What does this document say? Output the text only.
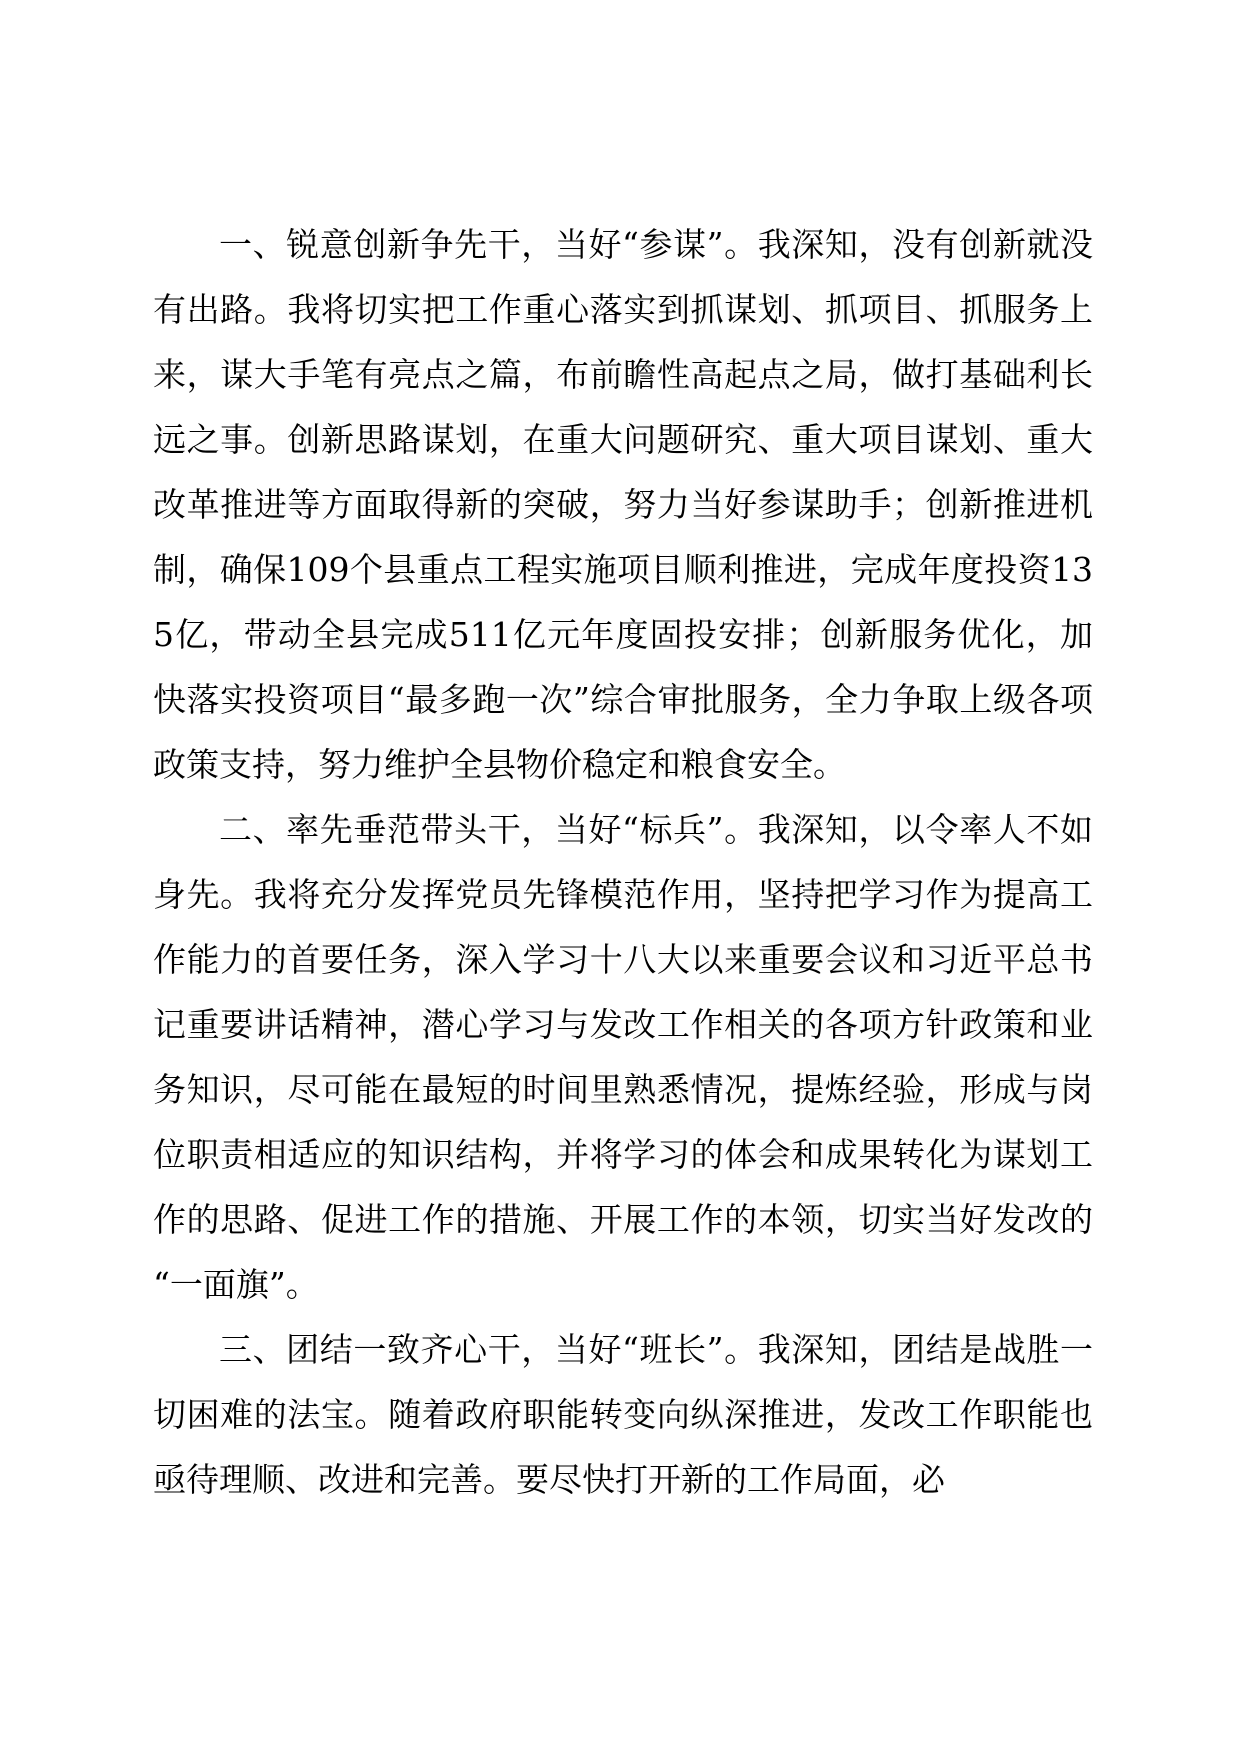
一、锐意创新争先干，当好“参谋”。我深知，没有创新就没有出路。我将切实把工作重心落实到抓谋划、抓项目、抓服务上来，谋大手笔有亮点之篇，布前瞻性高起点之局，做打基础利长远之事。创新思路谋划，在重大问题研究、重大项目谋划、重大改革推进等方面取得新的突破，努力当好参谋助手；创新推进机制，确保109个县重点工程实施项目顺利推进，完成年度投资135亿，带动全县完成511亿元年度固投安排；创新服务优化，加快落实投资项目“最多跑一次”综合审批服务，全力争取上级各项政策支持，努力维护全县物价稳定和粮食安全。

二、率先垂范带头干，当好“标兵”。我深知，以令率人不如身先。我将充分发挥党员先锋模范作用，坚持把学习作为提高工作能力的首要任务，深入学习十八大以来重要会议和习近平总书记重要讲话精神，潜心学习与发改工作相关的各项方针政策和业务知识，尽可能在最短的时间里熟悉情况，提炼经验，形成与岗位职责相适应的知识结构，并将学习的体会和成果转化为谋划工作的思路、促进工作的措施、开展工作的本领，切实当好发改的“一面旗”。

三、团结一致齐心干，当好“班长”。我深知，团结是战胜一切困难的法宝。随着政府职能转变向纵深推进，发改工作职能也亟待理顺、改进和完善。要尽快打开新的工作局面，必
